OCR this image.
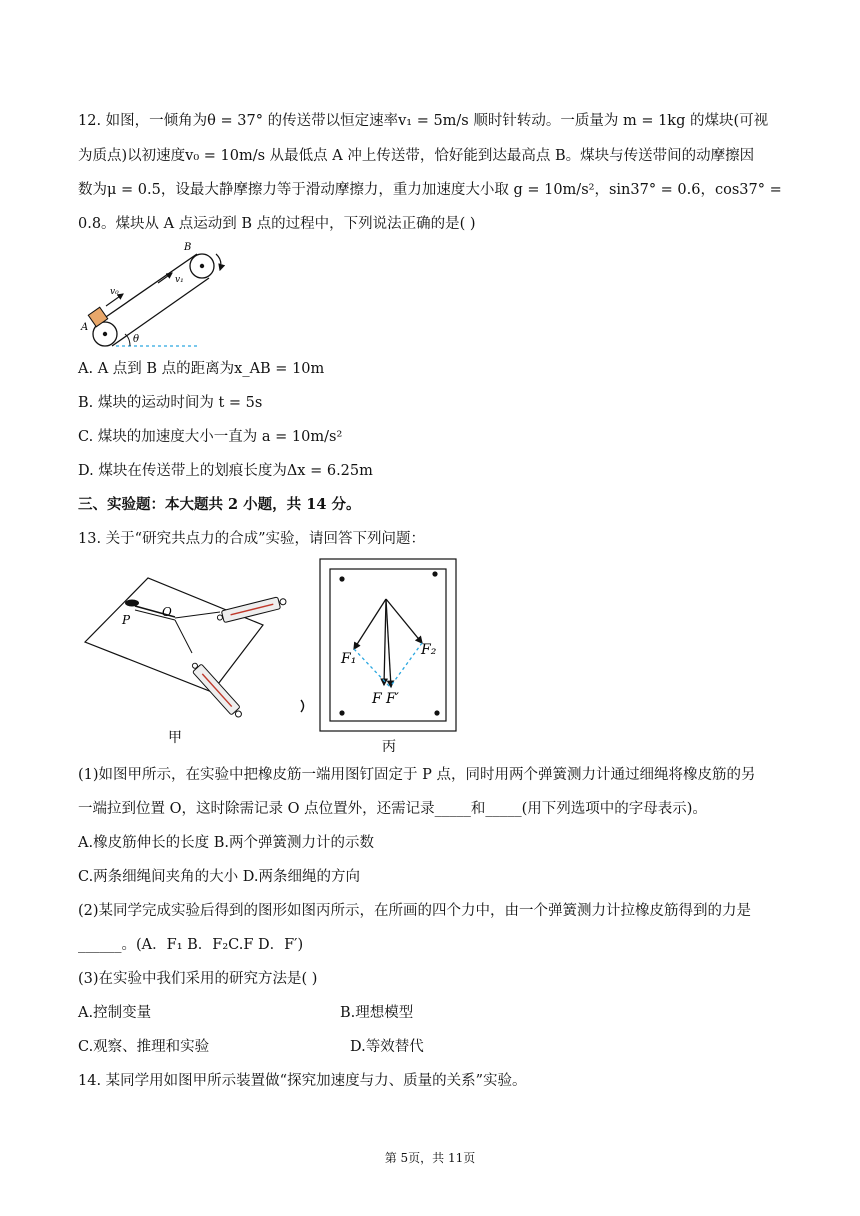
12. 如图，一倾角为θ = 37° 的传送带以恒定速率v₁ = 5m/s 顺时针转动。一质量为 m = 1kg 的煤块(可视
为质点)以初速度v₀ = 10m/s 从最低点 A 冲上传送带，恰好能到达最高点 B。煤块与传送带间的动摩擦因
数为μ = 0.5，设最大静摩擦力等于滑动摩擦力，重力加速度大小取 g = 10m/s²，sin37° = 0.6，cos37° =
0.8。煤块从 A 点运动到 B 点的过程中，下列说法正确的是( )
A
B
v₀
v₁
θ
A. A 点到 B 点的距离为x_AB = 10m
B. 煤块的运动时间为 t = 5s
C. 煤块的加速度大小一直为 a = 10m/s²
D. 煤块在传送带上的划痕长度为Δx = 6.25m
三、实验题：本大题共 2 小题，共 14 分。
13. 关于“研究共点力的合成”实验，请回答下列问题：
P
O
甲
F₁
F₂
F F′
丙
(1)如图甲所示，在实验中把橡皮筋一端用图钉固定于 P 点，同时用两个弹簧测力计通过细绳将橡皮筋的另
一端拉到位置 O，这时除需记录 O 点位置外，还需记录_____和_____(用下列选项中的字母表示)。
A.橡皮筋伸长的长度 B.两个弹簧测力计的示数
C.两条细绳间夹角的大小 D.两条细绳的方向
(2)某同学完成实验后得到的图形如图丙所示，在所画的四个力中，由一个弹簧测力计拉橡皮筋得到的力是
______。(A．F₁ B．F₂C.F D．F′)
(3)在实验中我们采用的研究方法是( )
A.控制变量	B.理想模型
C.观察、推理和实验	D.等效替代
14. 某同学用如图甲所示装置做“探究加速度与力、质量的关系”实验。
第 5页，共 11页
